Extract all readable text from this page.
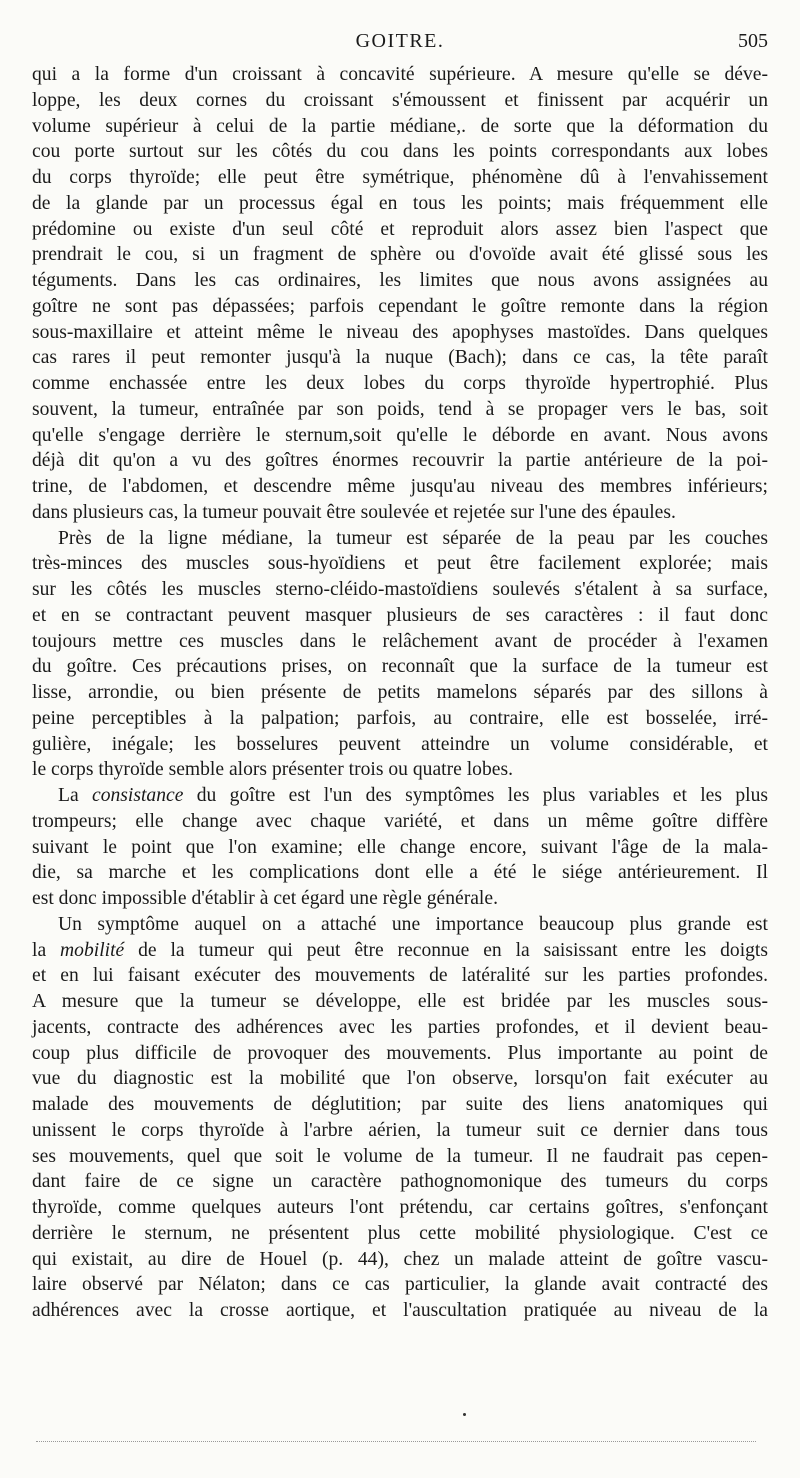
GOITRE.	505
qui a la forme d'un croissant à concavité supérieure. A mesure qu'elle se déve-
loppe, les deux cornes du croissant s'émoussent et finissent par acquérir un
volume supérieur à celui de la partie médiane,. de sorte que la déformation du
cou porte surtout sur les côtés du cou dans les points correspondants aux lobes
du corps thyroïde; elle peut être symétrique, phénomène dû à l'envahissement
de la glande par un processus égal en tous les points; mais fréquemment elle
prédomine ou existe d'un seul côté et reproduit alors assez bien l'aspect que
prendrait le cou, si un fragment de sphère ou d'ovoïde avait été glissé sous les
téguments. Dans les cas ordinaires, les limites que nous avons assignées au
goître ne sont pas dépassées; parfois cependant le goître remonte dans la région
sous-maxillaire et atteint même le niveau des apophyses mastoïdes. Dans quelques
cas rares il peut remonter jusqu'à la nuque (Bach); dans ce cas, la tête paraît
comme enchassée entre les deux lobes du corps thyroïde hypertrophié. Plus
souvent, la tumeur, entraînée par son poids, tend à se propager vers le bas, soit
qu'elle s'engage derrière le sternum,soit qu'elle le déborde en avant. Nous avons
déjà dit qu'on a vu des goîtres énormes recouvrir la partie antérieure de la poi-
trine, de l'abdomen, et descendre même jusqu'au niveau des membres inférieurs;
dans plusieurs cas, la tumeur pouvait être soulevée et rejetée sur l'une des épaules.
Près de la ligne médiane, la tumeur est séparée de la peau par les couches
très-minces des muscles sous-hyoïdiens et peut être facilement explorée; mais
sur les côtés les muscles sterno-cléido-mastoïdiens soulevés s'étalent à sa surface,
et en se contractant peuvent masquer plusieurs de ses caractères : il faut donc
toujours mettre ces muscles dans le relâchement avant de procéder à l'examen
du goître. Ces précautions prises, on reconnaît que la surface de la tumeur est
lisse, arrondie, ou bien présente de petits mamelons séparés par des sillons à
peine perceptibles à la palpation; parfois, au contraire, elle est bosselée, irré-
gulière, inégale; les bosselures peuvent atteindre un volume considérable, et
le corps thyroïde semble alors présenter trois ou quatre lobes.
La consistance du goître est l'un des symptômes les plus variables et les plus
trompeurs; elle change avec chaque variété, et dans un même goître diffère
suivant le point que l'on examine; elle change encore, suivant l'âge de la mala-
die, sa marche et les complications dont elle a été le siége antérieurement. Il
est donc impossible d'établir à cet égard une règle générale.
Un symptôme auquel on a attaché une importance beaucoup plus grande est
la mobilité de la tumeur qui peut être reconnue en la saisissant entre les doigts
et en lui faisant exécuter des mouvements de latéralité sur les parties profondes.
A mesure que la tumeur se développe, elle est bridée par les muscles sous-
jacents, contracte des adhérences avec les parties profondes, et il devient beau-
coup plus difficile de provoquer des mouvements. Plus importante au point de
vue du diagnostic est la mobilité que l'on observe, lorsqu'on fait exécuter au
malade des mouvements de déglutition; par suite des liens anatomiques qui
unissent le corps thyroïde à l'arbre aérien, la tumeur suit ce dernier dans tous
ses mouvements, quel que soit le volume de la tumeur. Il ne faudrait pas cepen-
dant faire de ce signe un caractère pathognomonique des tumeurs du corps
thyroïde, comme quelques auteurs l'ont prétendu, car certains goîtres, s'enfonçant
derrière le sternum, ne présentent plus cette mobilité physiologique. C'est ce
qui existait, au dire de Houel (p. 44), chez un malade atteint de goître vascu-
laire observé par Nélaton; dans ce cas particulier, la glande avait contracté des
adhérences avec la crosse aortique, et l'auscultation pratiquée au niveau de la
